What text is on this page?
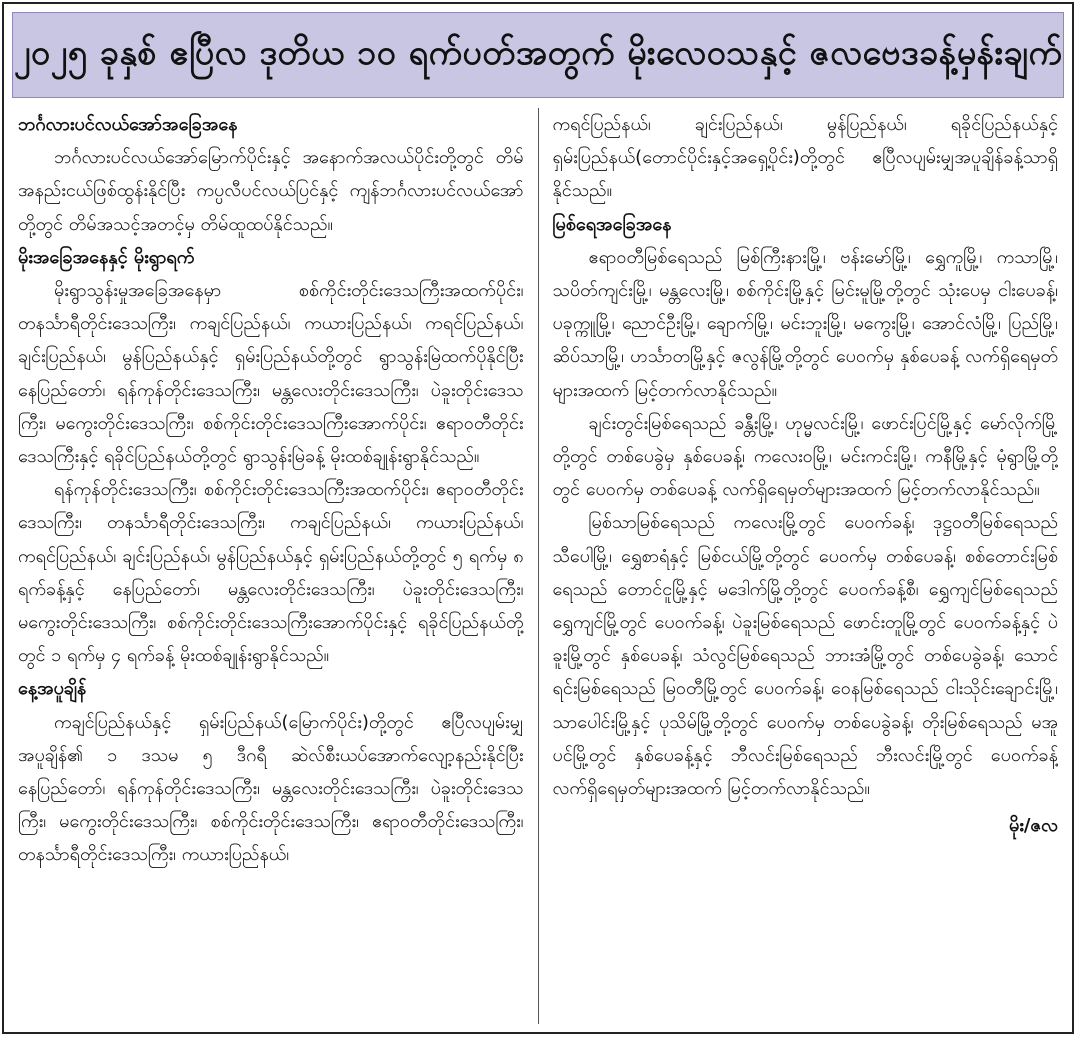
၂၀၂၅ ခုနှစ် ဧပြီလ ဒုတိယ ၁၀ ရက်ပတ်အတွက် မိုးလေဝသနှင့် ဇလဗေဒခန့်မှန်းချက်
ဘင်္ဂလားပင်လယ်အော်အခြေအနေ

ဘင်္ဂလားပင်လယ်အော်မြောက်ပိုင်းနှင့် အနောက်အလယ်ပိုင်းတို့တွင် တိမ်အနည်းငယ်ဖြစ်ထွန်းနိုင်ပြီး ကပ္ပလီပင်လယ်ပြင်နှင့် ကျန်ဘင်္ဂလားပင်လယ်အော်တို့တွင် တိမ်အသင့်အတင့်မှ တိမ်ထူထပ်နိုင်သည်။

မိုးအခြေအနေနှင့် မိုးရွာရက်

မိုးရွာသွန်းမှုအခြေအနေမှာ စစ်ကိုင်းတိုင်းဒေသကြီးအထက်ပိုင်း၊ တနင်္သာရီတိုင်းဒေသကြီး၊ ကချင်ပြည်နယ်၊ ကယားပြည်နယ်၊ ကရင်ပြည်နယ်၊ ချင်းပြည်နယ်၊ မွန်ပြည်နယ်နှင့် ရှမ်းပြည်နယ်တို့တွင် ရွာသွန်းမြဲထက်ပိုနိုင်ပြီး နေပြည်တော်၊ ရန်ကုန်တိုင်းဒေသကြီး၊ မန္တလေးတိုင်းဒေသကြီး၊ ပဲခူးတိုင်းဒေသကြီး၊ မကွေးတိုင်းဒေသကြီး၊ စစ်ကိုင်းတိုင်းဒေသကြီးအောက်ပိုင်း၊ ဧရာဝတီတိုင်းဒေသကြီးနှင့် ရခိုင်ပြည်နယ်တို့တွင် ရွာသွန်းမြဲခန့် မိုးထစ်ချုန်းရွာနိုင်သည်။

ရန်ကုန်တိုင်းဒေသကြီး၊ စစ်ကိုင်းတိုင်းဒေသကြီးအထက်ပိုင်း၊ ဧရာဝတီတိုင်းဒေသကြီး၊ တနင်္သာရီတိုင်းဒေသကြီး၊ ကချင်ပြည်နယ်၊ ကယားပြည်နယ်၊ ကရင်ပြည်နယ်၊ ချင်းပြည်နယ်၊ မွန်ပြည်နယ်နှင့် ရှမ်းပြည်နယ်တို့တွင် ၅ ရက်မှ ၈ ရက်ခန့်နှင့် နေပြည်တော်၊ မန္တလေးတိုင်းဒေသကြီး၊ ပဲခူးတိုင်းဒေသကြီး၊ မကွေးတိုင်းဒေသကြီး၊ စစ်ကိုင်းတိုင်းဒေသကြီးအောက်ပိုင်းနှင့် ရခိုင်ပြည်နယ်တို့တွင် ၁ ရက်မှ ၄ ရက်ခန့် မိုးထစ်ချုန်းရွာနိုင်သည်။

နေ့အပူချိန်

ကချင်ပြည်နယ်နှင့် ရှမ်းပြည်နယ်(မြောက်ပိုင်း)တို့တွင် ဧပြီလပျမ်းမျှအပူချိန်၏ ၁ ဒသမ ၅ ဒီဂရီ ဆဲလ်စီးယပ်အောက်လျော့နည်းနိုင်ပြီး နေပြည်တော်၊ ရန်ကုန်တိုင်းဒေသကြီး၊ မန္တလေးတိုင်းဒေသကြီး၊ ပဲခူးတိုင်းဒေသကြီး၊ မကွေးတိုင်းဒေသကြီး၊ စစ်ကိုင်းတိုင်းဒေသကြီး၊ ဧရာဝတီတိုင်းဒေသကြီး၊ တနင်္သာရီတိုင်းဒေသကြီး၊ ကယားပြည်နယ်၊

ကရင်ပြည်နယ်၊ ချင်းပြည်နယ်၊ မွန်ပြည်နယ်၊ ရခိုင်ပြည်နယ်နှင့် ရှမ်းပြည်နယ်(တောင်ပိုင်းနှင့်အရှေ့ပိုင်း)တို့တွင် ဧပြီလပျမ်းမျှအပူချိန်ခန့်သာရှိနိုင်သည်။

မြစ်ရေအခြေအနေ

ဧရာဝတီမြစ်ရေသည် မြစ်ကြီးနားမြို့၊ ဗန်းမော်မြို့၊ ရွှေကူမြို့၊ ကသာမြို့၊ သပိတ်ကျင်းမြို့၊ မန္တလေးမြို့၊ စစ်ကိုင်းမြို့နှင့် မြင်းမူမြို့တို့တွင် သုံးပေမှ ငါးပေခန့်၊ ပခုက္ကူမြို့၊ ညောင်ဦးမြို့၊ ချောက်မြို့၊ မင်းဘူးမြို့၊ မကွေးမြို့၊ အောင်လံမြို့၊ ပြည်မြို့၊ ဆိပ်သာမြို့၊ ဟင်္သာတမြို့နှင့် ဇလွန်မြို့တို့တွင် ပေဝက်မှ နှစ်ပေခန့် လက်ရှိရေမှတ်များအထက် မြင့်တက်လာနိုင်သည်။

ချင်းတွင်းမြစ်ရေသည် ခန္တီးမြို့၊ ဟုမ္မလင်းမြို့၊ ဖောင်းပြင်မြို့နှင့် မော်လိုက်မြို့တို့တွင် တစ်ပေခွဲမှ နှစ်ပေခန့်၊ ကလေးဝမြို့၊ မင်းကင်းမြို့၊ ကနီမြို့နှင့် မုံရွာမြို့တို့တွင် ပေဝက်မှ တစ်ပေခန့် လက်ရှိရေမှတ်များအထက် မြင့်တက်လာနိုင်သည်။

မြစ်သာမြစ်ရေသည် ကလေးမြို့တွင် ပေဝက်ခန့်၊ ဒုဋ္ဌဝတီမြစ်ရေသည် သီပေါမြို့၊ ရွှေစာရံနှင့် မြစ်ငယ်မြို့တို့တွင် ပေဝက်မှ တစ်ပေခန့်၊ စစ်တောင်းမြစ်ရေသည် တောင်ငူမြို့နှင့် မဒေါက်မြို့တို့တွင် ပေဝက်ခန့်စီ၊ ရွှေကျင်မြစ်ရေသည် ရွှေကျင်မြို့တွင် ပေဝက်ခန့်၊ ပဲခူးမြစ်ရေသည် ဖောင်းတူမြို့တွင် ပေဝက်ခန့်နှင့် ပဲခူးမြို့တွင် နှစ်ပေခန့်၊ သံလွင်မြစ်ရေသည် ဘားအံမြို့တွင် တစ်ပေခွဲခန့်၊ သောင်ရင်းမြစ်ရေသည် မြဝတီမြို့တွင် ပေဝက်ခန့်၊ ဝေနမြစ်ရေသည် ငါးသိုင်းချောင်းမြို့၊ သာပေါင်းမြို့နှင့် ပုသိမ်မြို့တို့တွင် ပေဝက်မှ တစ်ပေခွဲခန့်၊ တိုးမြစ်ရေသည် မအူပင်မြို့တွင် နှစ်ပေခန့်နှင့် ဘီလင်းမြစ်ရေသည် ဘီးလင်းမြို့တွင် ပေဝက်ခန့် လက်ရှိရေမှတ်များအထက် မြင့်တက်လာနိုင်သည်။

မိုး/ဇလ
